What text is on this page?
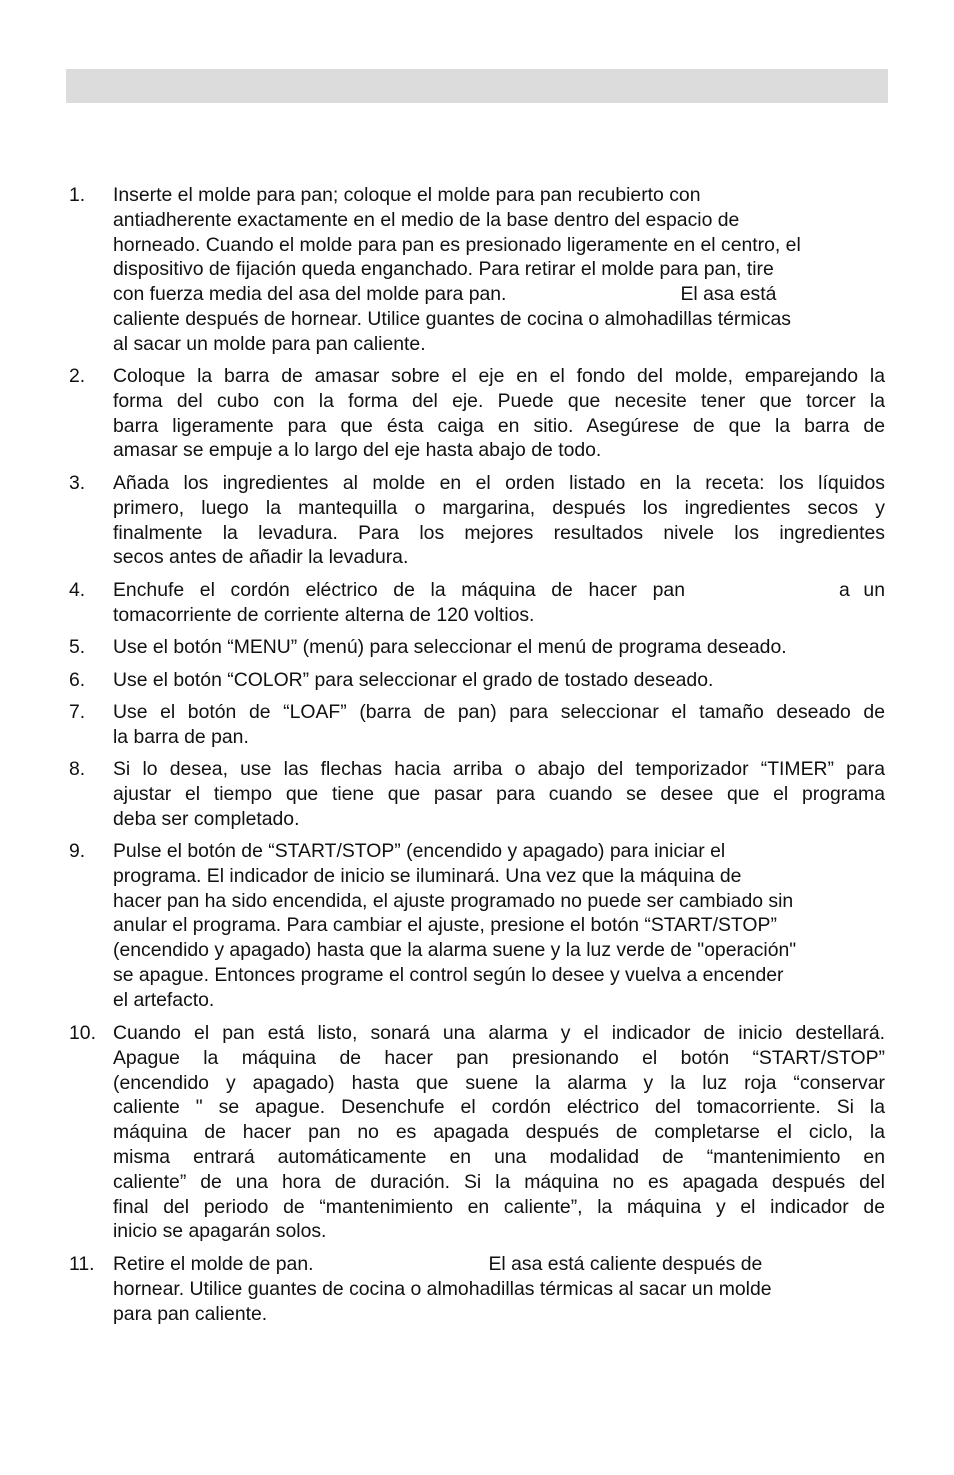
1. Inserte el molde para pan; coloque el molde para pan recubierto con
antiadherente exactamente en el medio de la base dentro del espacio de
horneado. Cuando el molde para pan es presionado ligeramente en el centro, el
dispositivo de fijación queda enganchado. Para retirar el molde para pan, tire
con fuerza media del asa del molde para pan.	El asa está
caliente después de hornear. Utilice guantes de cocina o almohadillas térmicas
al sacar un molde para pan caliente.
2. Coloque la barra de amasar sobre el eje en el fondo del molde, emparejando la
forma del cubo con la forma del eje. Puede que necesite tener que torcer la
barra ligeramente para que ésta caiga en sitio. Asegúrese de que la barra de
amasar se empuje a lo largo del eje hasta abajo de todo.
3. Añada los ingredientes al molde en el orden listado en la receta: los líquidos
primero, luego la mantequilla o margarina, después los ingredientes secos y
finalmente la levadura. Para los mejores resultados nivele los ingredientes
secos antes de añadir la levadura.
4. Enchufe el cordón eléctrico de la máquina de hacer pan	a un
tomacorriente de corriente alterna de 120 voltios.
5. Use el botón “MENU” (menú) para seleccionar el menú de programa deseado.
6. Use el botón “COLOR” para seleccionar el grado de tostado deseado.
7. Use el botón de “LOAF” (barra de pan) para seleccionar el tamaño deseado de
la barra de pan.
8. Si lo desea, use las flechas hacia arriba o abajo del temporizador “TIMER” para
ajustar el tiempo que tiene que pasar para cuando se desee que el programa
deba ser completado.
9. Pulse el botón de “START/STOP” (encendido y apagado) para iniciar el
programa. El indicador de inicio se iluminará. Una vez que la máquina de
hacer pan ha sido encendida, el ajuste programado no puede ser cambiado sin
anular el programa. Para cambiar el ajuste, presione el botón “START/STOP”
(encendido y apagado) hasta que la alarma suene y la luz verde de "operación"
se apague. Entonces programe el control según lo desee y vuelva a encender
el artefacto.
10. Cuando el pan está listo, sonará una alarma y el indicador de inicio destellará.
Apague la máquina de hacer pan presionando el botón “START/STOP”
(encendido y apagado) hasta que suene la alarma y la luz roja “conservar
caliente " se apague. Desenchufe el cordón eléctrico del tomacorriente. Si la
máquina de hacer pan no es apagada después de completarse el ciclo, la
misma entrará automáticamente en una modalidad de “mantenimiento en
caliente” de una hora de duración. Si la máquina no es apagada después del
final del periodo de “mantenimiento en caliente”, la máquina y el indicador de
inicio se apagarán solos.
11. Retire el molde de pan.	El asa está caliente después de
hornear. Utilice guantes de cocina o almohadillas térmicas al sacar un molde
para pan caliente.
